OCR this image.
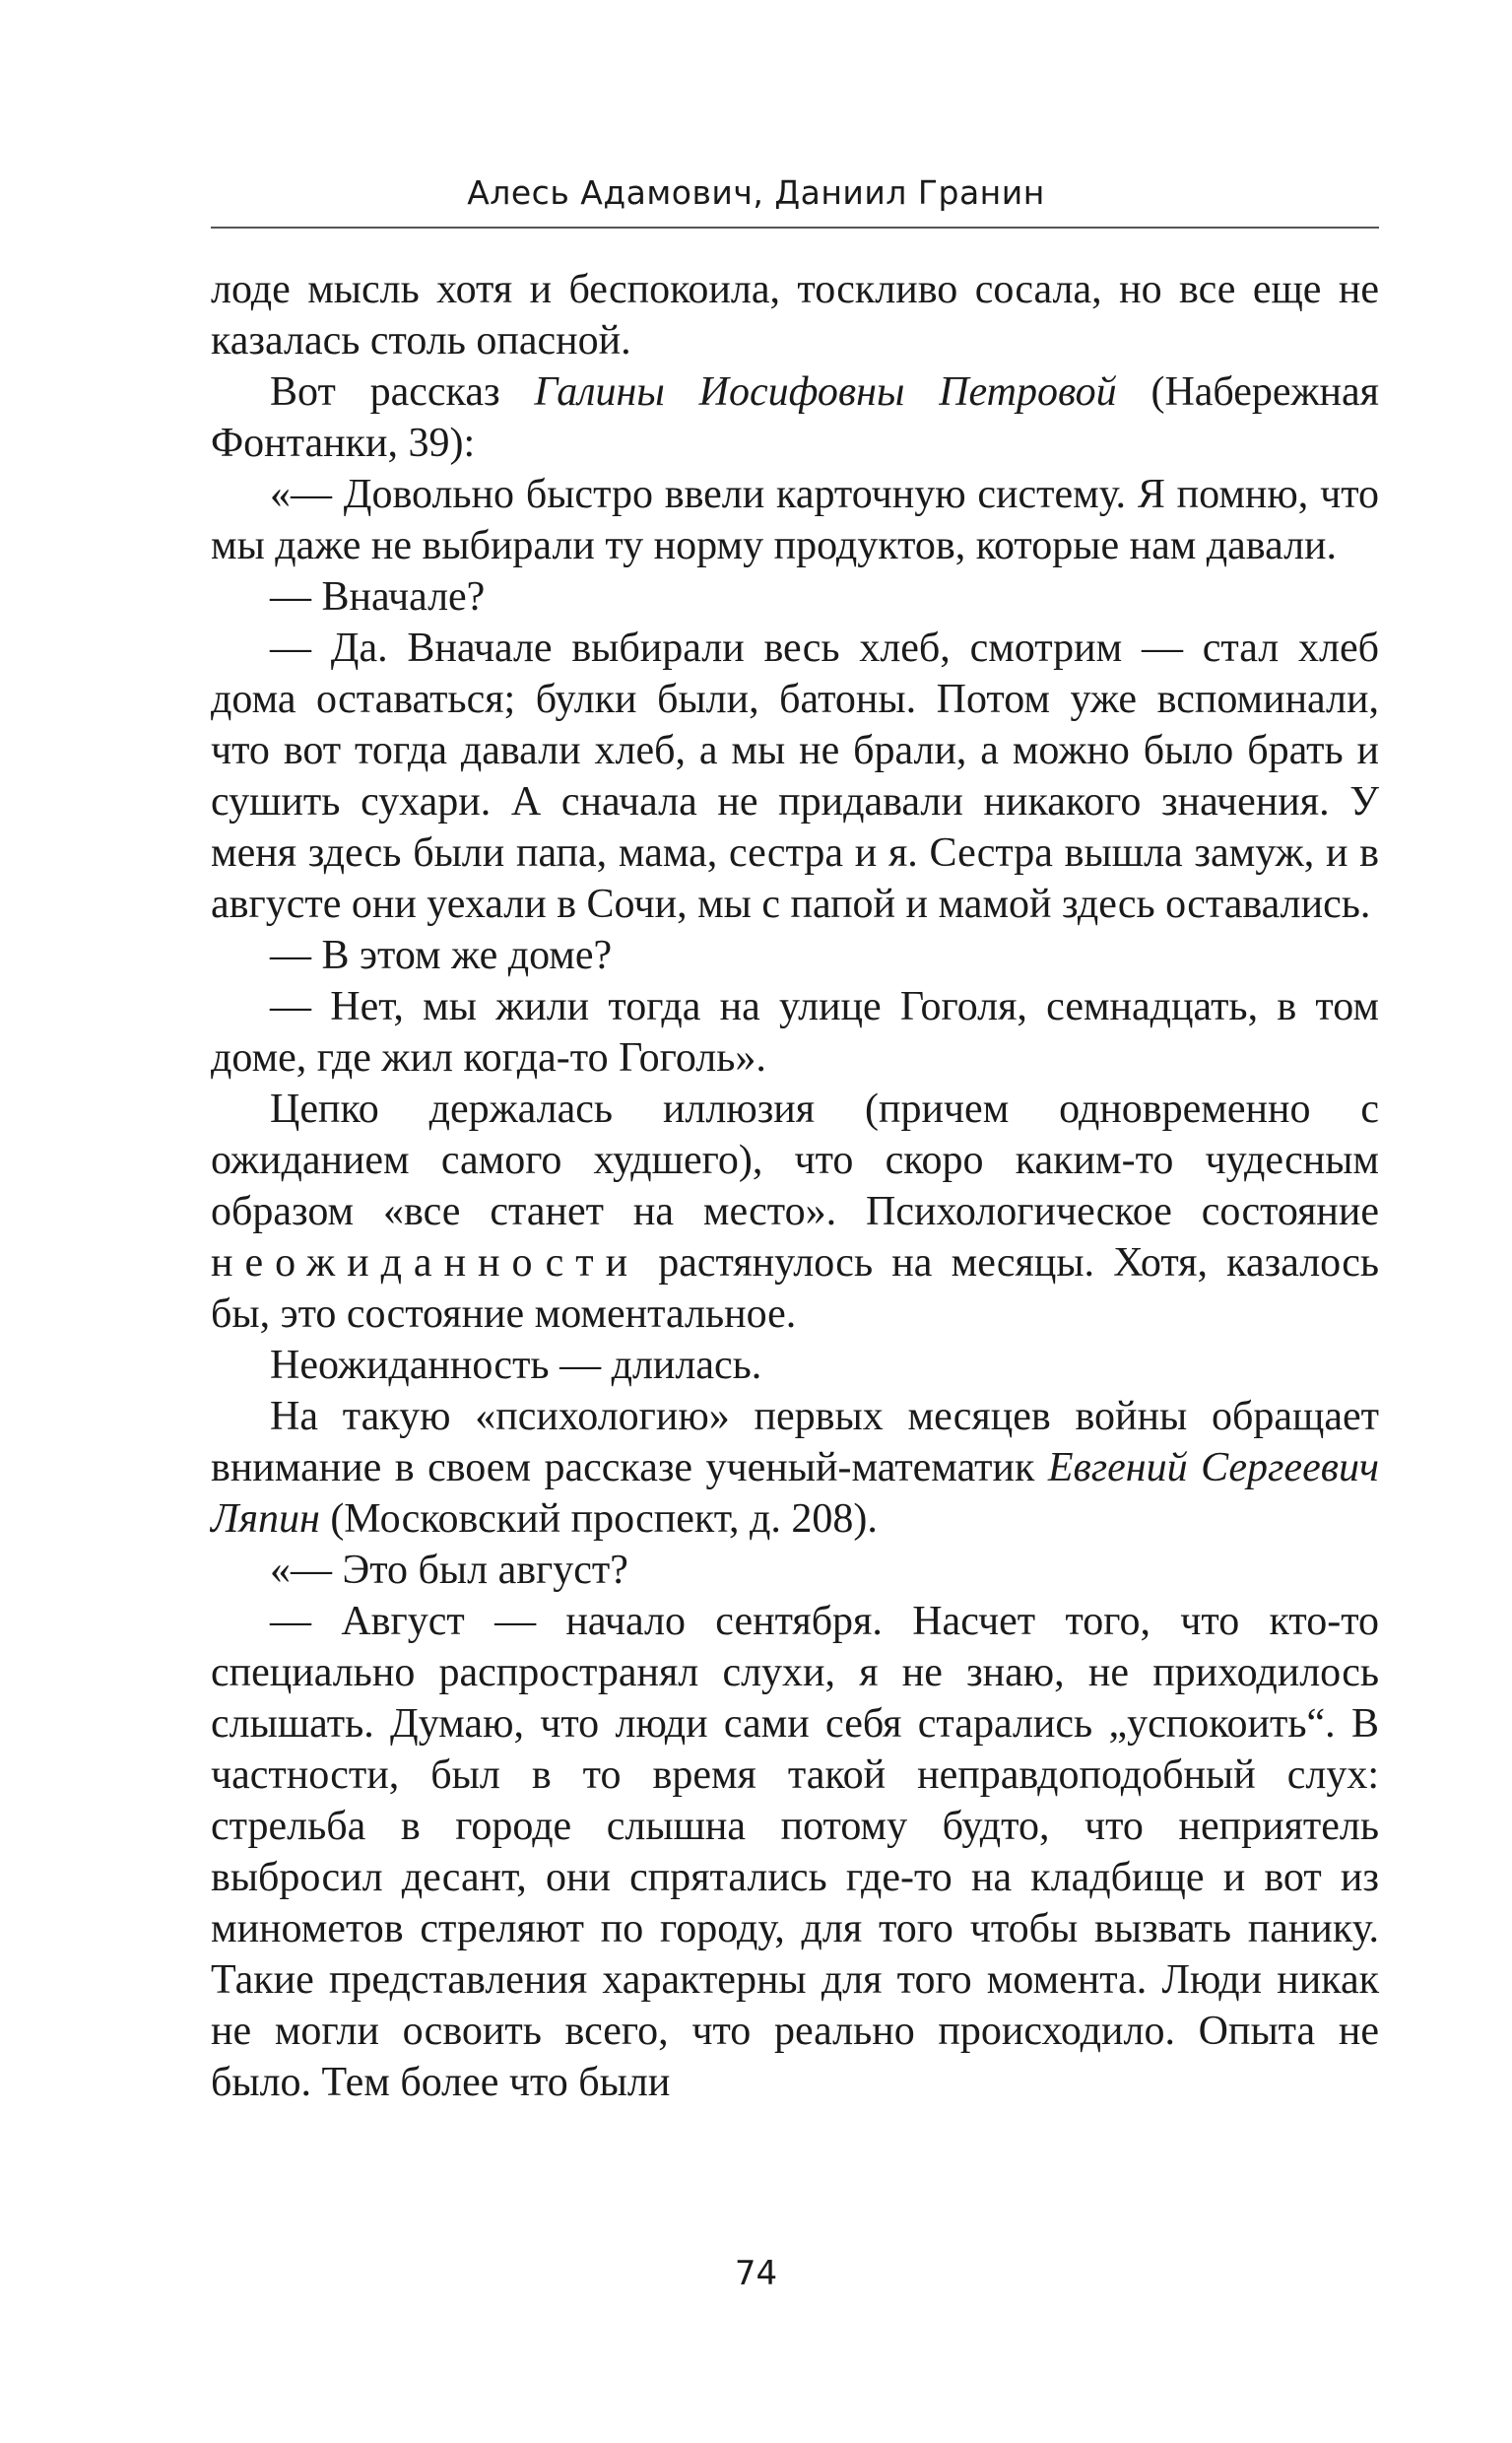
Алесь Адамович, Даниил Гранин

лоде мысль хотя и беспокоила, тоскливо сосала, но все еще не казалась столь опасной.

Вот рассказ Галины Иосифовны Петровой (Набережная Фонтанки, 39):

«— Довольно быстро ввели карточную систему. Я помню, что мы даже не выбирали ту норму продуктов, которые нам давали.

— Вначале?

— Да. Вначале выбирали весь хлеб, смотрим — стал хлеб дома оставаться; булки были, батоны. Потом уже вспоминали, что вот тогда давали хлеб, а мы не брали, а можно было брать и сушить сухари. А сначала не придавали никакого значения. У меня здесь были папа, мама, сестра и я. Сестра вышла замуж, и в августе они уехали в Сочи, мы с папой и мамой здесь оставались.

— В этом же доме?

— Нет, мы жили тогда на улице Гоголя, семнадцать, в том доме, где жил когда-то Гоголь».

Цепко держалась иллюзия (причем одновременно с ожиданием самого худшего), что скоро каким-то чудесным образом «все станет на место». Психологическое состояние неожиданности растянулось на месяцы. Хотя, казалось бы, это состояние моментальное.

Неожиданность — длилась.

На такую «психологию» первых месяцев войны обращает внимание в своем рассказе ученый-математик Евгений Сергеевич Ляпин (Московский проспект, д. 208).

«— Это был август?

— Август — начало сентября. Насчет того, что кто-то специально распространял слухи, я не знаю, не приходилось слышать. Думаю, что люди сами себя старались „успокоить“. В частности, был в то время такой неправдоподобный слух: стрельба в городе слышна потому будто, что неприятель выбросил десант, они спрятались где-то на кладбище и вот из минометов стреляют по городу, для того чтобы вызвать панику. Такие представления характерны для того момента. Люди никак не могли освоить всего, что реально происходило. Опыта не было. Тем более что были

74
